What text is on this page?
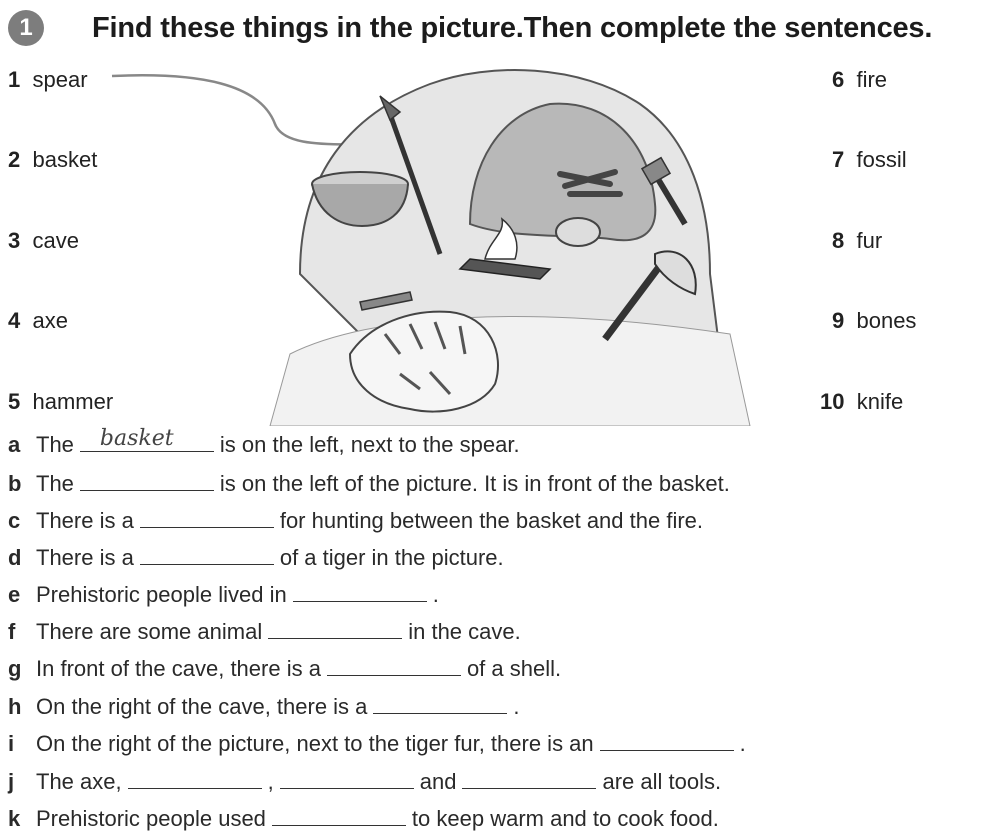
1	Find these things in the picture.Then complete the sentences.
1 spear
2 basket
3 cave
4 axe
5 hammer
6 fire
7 fossil
8 fur
9 bones
10 knife
a The basket is on the left, next to the spear.
b The	is on the left of the picture. It is in front of the basket.
c There is a	for hunting between the basket and the fire.
d There is a	of a tiger in the picture.
e Prehistoric people lived in	.
f There are some animal	in the cave.
g In front of the cave, there is a	of a shell.
h On the right of the cave, there is a	.
i On the right of the picture, next to the tiger fur, there is an	.
j The axe,	,	and	are all tools.
k Prehistoric people used	to keep warm and to cook food.
